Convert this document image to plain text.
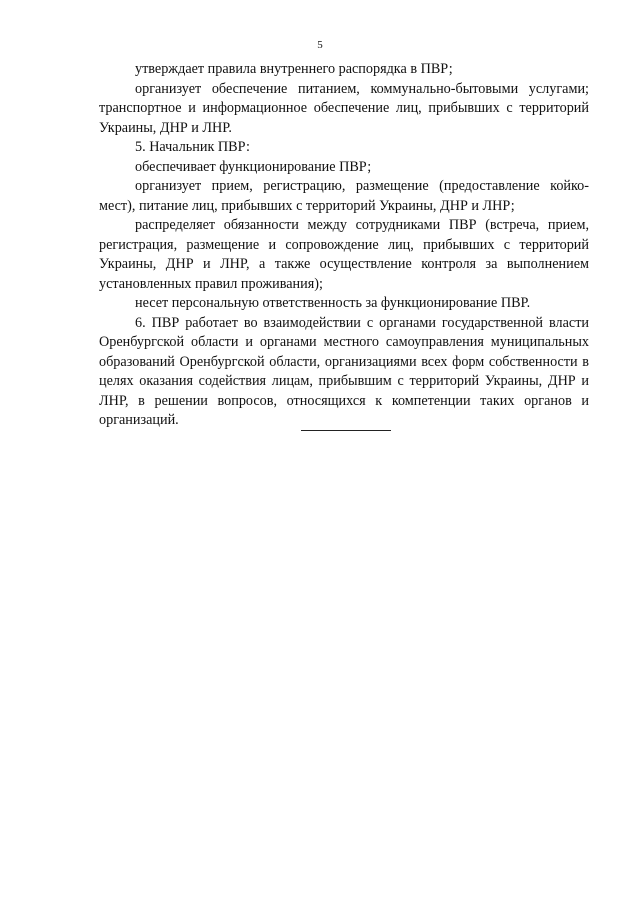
5

утверждает правила внутреннего распорядка в ПВР;

организует обеспечение питанием, коммунально-бытовыми услугами; транспортное и информационное обеспечение лиц, прибывших с территорий Украины, ДНР и ЛНР.

5. Начальник ПВР:

обеспечивает функционирование ПВР;

организует прием, регистрацию, размещение (предоставление койко-мест), питание лиц, прибывших с территорий Украины, ДНР и ЛНР;

распределяет обязанности между сотрудниками ПВР (встреча, прием, регистрация, размещение и сопровождение лиц, прибывших с территорий Украины, ДНР и ЛНР, а также осуществление контроля за выполнением установленных правил проживания);

несет персональную ответственность за функционирование ПВР.

6. ПВР работает во взаимодействии с органами государственной власти Оренбургской области и органами местного самоуправления муниципальных образований Оренбургской области, организациями всех форм собственности в целях оказания содействия лицам, прибывшим с территорий Украины, ДНР и ЛНР, в решении вопросов, относящихся к компетенции таких органов и организаций.
